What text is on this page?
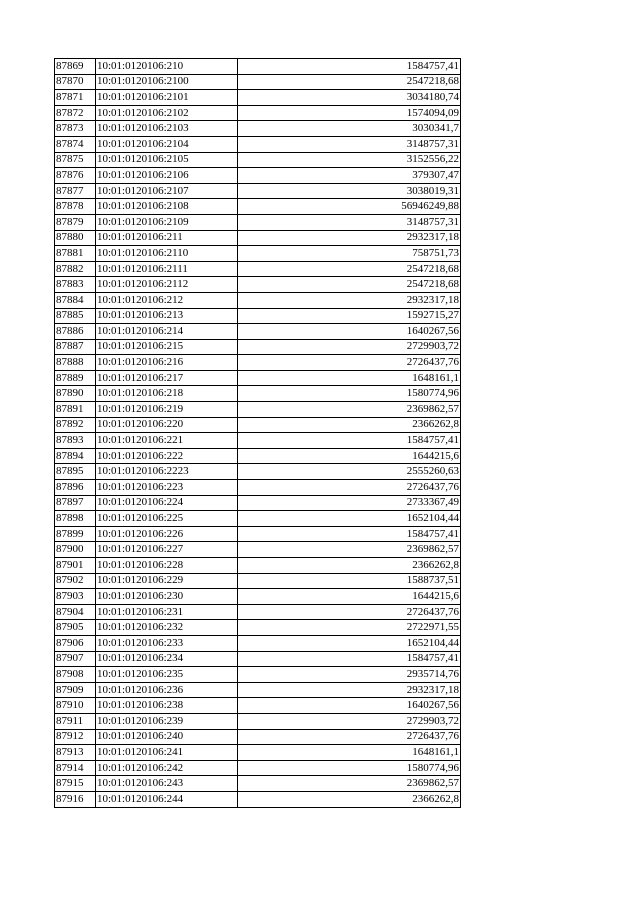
87869	10:01:0120106:210	1584757,41
87870	10:01:0120106:2100	2547218,68
87871	10:01:0120106:2101	3034180,74
87872	10:01:0120106:2102	1574094,09
87873	10:01:0120106:2103	3030341,7
87874	10:01:0120106:2104	3148757,31
87875	10:01:0120106:2105	3152556,22
87876	10:01:0120106:2106	379307,47
87877	10:01:0120106:2107	3038019,31
87878	10:01:0120106:2108	56946249,88
87879	10:01:0120106:2109	3148757,31
87880	10:01:0120106:211	2932317,18
87881	10:01:0120106:2110	758751,73
87882	10:01:0120106:2111	2547218,68
87883	10:01:0120106:2112	2547218,68
87884	10:01:0120106:212	2932317,18
87885	10:01:0120106:213	1592715,27
87886	10:01:0120106:214	1640267,56
87887	10:01:0120106:215	2729903,72
87888	10:01:0120106:216	2726437,76
87889	10:01:0120106:217	1648161,1
87890	10:01:0120106:218	1580774,96
87891	10:01:0120106:219	2369862,57
87892	10:01:0120106:220	2366262,8
87893	10:01:0120106:221	1584757,41
87894	10:01:0120106:222	1644215,6
87895	10:01:0120106:2223	2555260,63
87896	10:01:0120106:223	2726437,76
87897	10:01:0120106:224	2733367,49
87898	10:01:0120106:225	1652104,44
87899	10:01:0120106:226	1584757,41
87900	10:01:0120106:227	2369862,57
87901	10:01:0120106:228	2366262,8
87902	10:01:0120106:229	1588737,51
87903	10:01:0120106:230	1644215,6
87904	10:01:0120106:231	2726437,76
87905	10:01:0120106:232	2722971,55
87906	10:01:0120106:233	1652104,44
87907	10:01:0120106:234	1584757,41
87908	10:01:0120106:235	2935714,76
87909	10:01:0120106:236	2932317,18
87910	10:01:0120106:238	1640267,56
87911	10:01:0120106:239	2729903,72
87912	10:01:0120106:240	2726437,76
87913	10:01:0120106:241	1648161,1
87914	10:01:0120106:242	1580774,96
87915	10:01:0120106:243	2369862,57
87916	10:01:0120106:244	2366262,8
